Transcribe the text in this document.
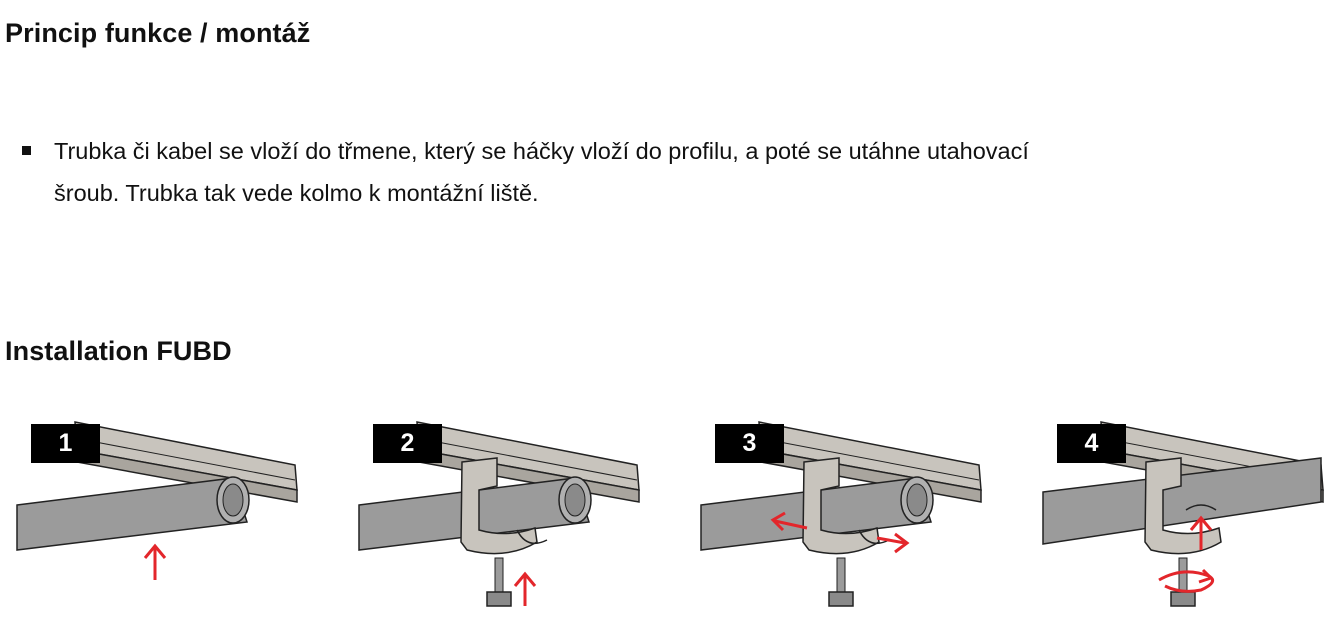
Princip funkce / montáž
Trubka či kabel se vloží do třmene, který se háčky vloží do profilu, a poté se utáhne utahovací šroub. Trubka tak vede kolmo k montážní liště.
Installation FUBD
1	2	3	4
